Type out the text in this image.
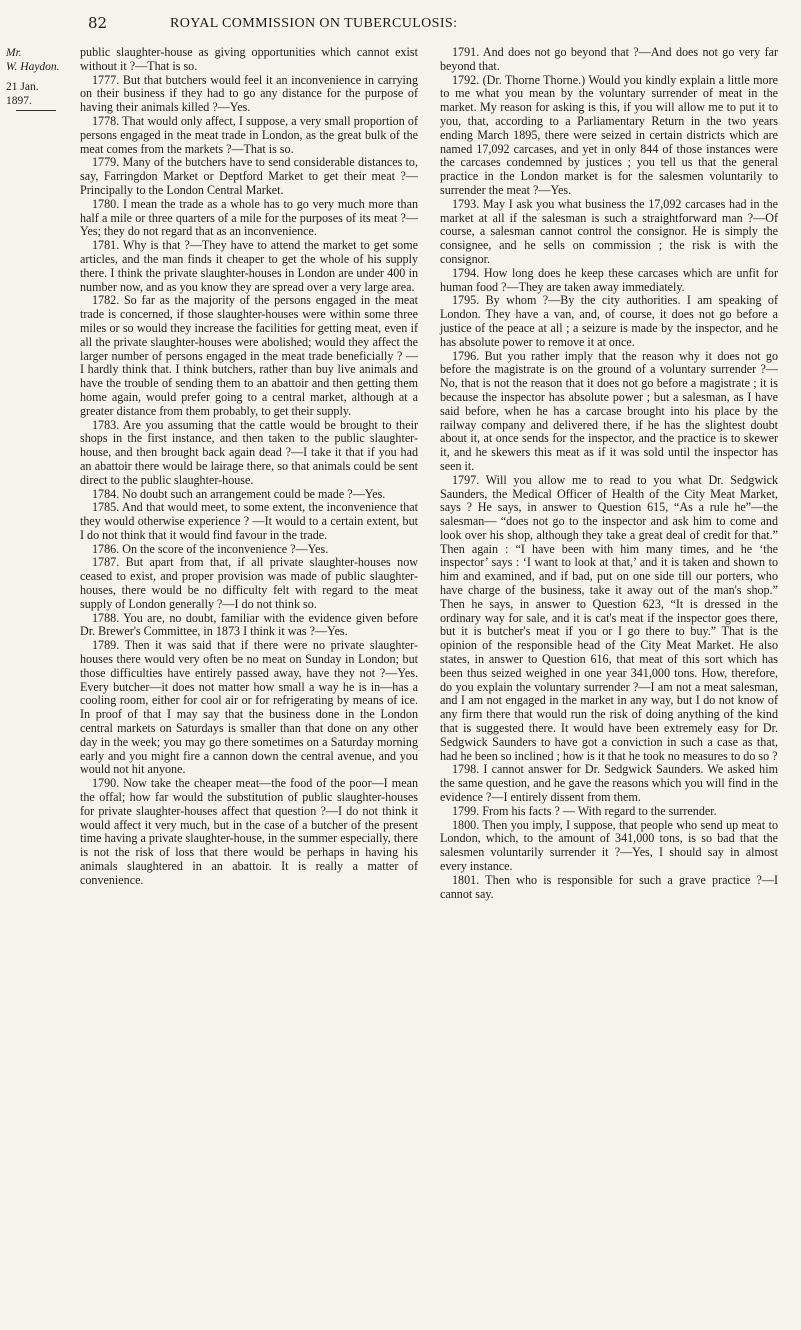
82	ROYAL COMMISSION ON TUBERCULOSIS:
Mr.
W. Haydon.
21 Jan. 1897.

public slaughter-house as giving opportunities which cannot exist without it ?—That is so.

1777. But that butchers would feel it an inconvenience in carrying on their business if they had to go any distance for the purpose of having their animals killed ?—Yes.

1778. That would only affect, I suppose, a very small proportion of persons engaged in the meat trade in London, as the great bulk of the meat comes from the markets ?—That is so.

1779. Many of the butchers have to send considerable distances to, say, Farringdon Market or Deptford Market to get their meat ?—Principally to the London Central Market.

1780. I mean the trade as a whole has to go very much more than half a mile or three quarters of a mile for the purposes of its meat ?—Yes; they do not regard that as an inconvenience.

1781. Why is that ?—They have to attend the market to get some articles, and the man finds it cheaper to get the whole of his supply there. I think the private slaughter-houses in London are under 400 in number now, and as you know they are spread over a very large area.

1782. So far as the majority of the persons engaged in the meat trade is concerned, if those slaughter-houses were within some three miles or so would they increase the facilities for getting meat, even if all the private slaughter-houses were abolished; would they affect the larger number of persons engaged in the meat trade beneficially ? — I hardly think that. I think butchers, rather than buy live animals and have the trouble of sending them to an abattoir and then getting them home again, would prefer going to a central market, although at a greater distance from them probably, to get their supply.

1783. Are you assuming that the cattle would be brought to their shops in the first instance, and then taken to the public slaughter-house, and then brought back again dead ?—I take it that if you had an abattoir there would be lairage there, so that animals could be sent direct to the public slaughter-house.

1784. No doubt such an arrangement could be made ?—Yes.

1785. And that would meet, to some extent, the inconvenience that they would otherwise experience ? —It would to a certain extent, but I do not think that it would find favour in the trade.

1786. On the score of the inconvenience ?—Yes.

1787. But apart from that, if all private slaughter-houses now ceased to exist, and proper provision was made of public slaughter-houses, there would be no difficulty felt with regard to the meat supply of London generally ?—I do not think so.

1788. You are, no doubt, familiar with the evidence given before Dr. Brewer's Committee, in 1873 I think it was ?—Yes.

1789. Then it was said that if there were no private slaughter-houses there would very often be no meat on Sunday in London; but those difficulties have entirely passed away, have they not ?—Yes. Every butcher—it does not matter how small a way he is in—has a cooling room, either for cool air or for refrigerating by means of ice. In proof of that I may say that the business done in the London central markets on Saturdays is smaller than that done on any other day in the week; you may go there sometimes on a Saturday morning early and you might fire a cannon down the central avenue, and you would not hit anyone.

1790. Now take the cheaper meat—the food of the poor—I mean the offal; how far would the substitution of public slaughter-houses for private slaughter-houses affect that question ?—I do not think it would affect it very much, but in the case of a butcher of the present time having a private slaughter-house, in the summer especially, there is not the risk of loss that there would be perhaps in having his animals slaughtered in an abattoir. It is really a matter of convenience.

1791. And does not go beyond that ?—And does not go very far beyond that.

1792. (Dr. Thorne Thorne.) Would you kindly explain a little more to me what you mean by the voluntary surrender of meat in the market. My reason for asking is this, if you will allow me to put it to you, that, according to a Parliamentary Return in the two years ending March 1895, there were seized in certain districts which are named 17,092 carcases, and yet in only 844 of those instances were the carcases condemned by justices ; you tell us that the general practice in the London market is for the salesmen voluntarily to surrender the meat ?—Yes.

1793. May I ask you what business the 17,092 carcases had in the market at all if the salesman is such a straightforward man ?—Of course, a salesman cannot control the consignor. He is simply the consignee, and he sells on commission ; the risk is with the consignor.

1794. How long does he keep these carcases which are unfit for human food ?—They are taken away immediately.

1795. By whom ?—By the city authorities. I am speaking of London. They have a van, and, of course, it does not go before a justice of the peace at all ; a seizure is made by the inspector, and he has absolute power to remove it at once.

1796. But you rather imply that the reason why it does not go before the magistrate is on the ground of a voluntary surrender ?—No, that is not the reason that it does not go before a magistrate ; it is because the inspector has absolute power ; but a salesman, as I have said before, when he has a carcase brought into his place by the railway company and delivered there, if he has the slightest doubt about it, at once sends for the inspector, and the practice is to skewer it, and he skewers this meat as if it was sold until the inspector has seen it.

1797. Will you allow me to read to you what Dr. Sedgwick Saunders, the Medical Officer of Health of the City Meat Market, says ? He says, in answer to Question 615, “As a rule he”—the salesman— “does not go to the inspector and ask him to come and look over his shop, although they take a great deal of credit for that.” Then again : “I have been with him many times, and he ‘the inspector’ says : ‘I want to look at that,’ and it is taken and shown to him and examined, and if bad, put on one side till our porters, who have charge of the business, take it away out of the man's shop.” Then he says, in answer to Question 623, “It is dressed in the ordinary way for sale, and it is cat's meat if the inspector goes there, but it is butcher's meat if you or I go there to buy.” That is the opinion of the responsible head of the City Meat Market. He also states, in answer to Question 616, that meat of this sort which has been thus seized weighed in one year 341,000 tons. How, therefore, do you explain the voluntary surrender ?—I am not a meat salesman, and I am not engaged in the market in any way, but I do not know of any firm there that would run the risk of doing anything of the kind that is suggested there. It would have been extremely easy for Dr. Sedgwick Saunders to have got a conviction in such a case as that, had he been so inclined ; how is it that he took no measures to do so ?

1798. I cannot answer for Dr. Sedgwick Saunders. We asked him the same question, and he gave the reasons which you will find in the evidence ?—I entirely dissent from them.

1799. From his facts ? — With regard to the surrender.

1800. Then you imply, I suppose, that people who send up meat to London, which, to the amount of 341,000 tons, is so bad that the salesmen voluntarily surrender it ?—Yes, I should say in almost every instance.

1801. Then who is responsible for such a grave practice ?—I cannot say.
